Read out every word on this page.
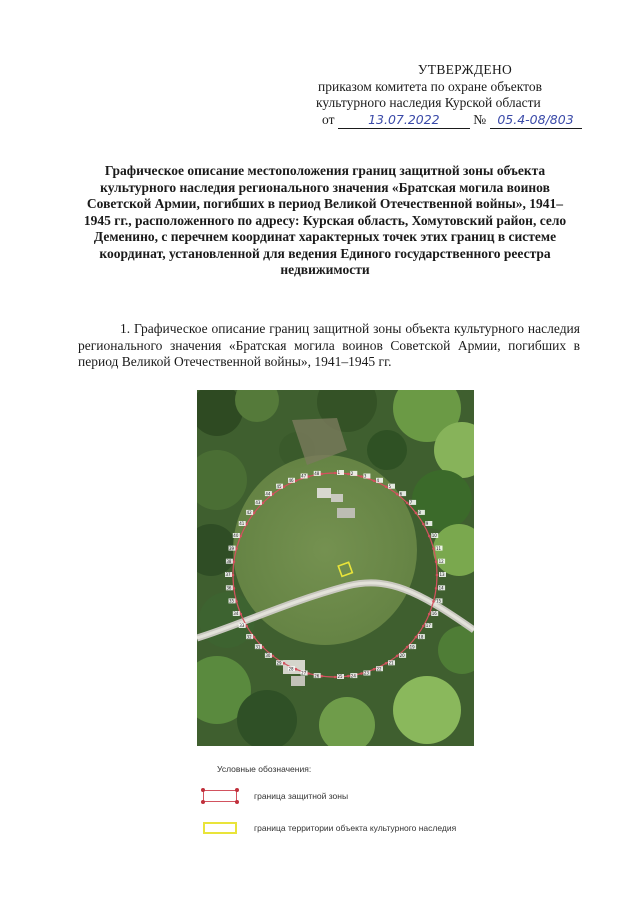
УТВЕРЖДЕНО
приказом комитета по охране объектов
культурного наследия Курской области
от	13.07.2022 № 05.4-08/803
Графическое описание местоположения границ защитной зоны объекта культурного наследия регионального значения «Братская могила воинов Советской Армии, погибших в период Великой Отечественной войны», 1941–1945 гг., расположенного по адресу: Курская область, Хомутовский район, село Деменино, с перечнем координат характерных точек этих границ в системе координат, установленной для ведения Единого государственного реестра недвижимости
1. Графическое описание границ защитной зоны объекта культурного наследия регионального значения «Братская могила воинов Советской Армии, погибших в период Великой Отечественной войны», 1941–1945 гг.
1	2
3
4
5
6
7
8
9
10
11
12
13
14
15
16
17
18
19
20
21
22
23
24
25
26
27
28
29
30
31
32
33
34
35
36
37
38
39
40
41
42
43
44
45
46
47
48
Условные обозначения:
граница защитной зоны
граница территории объекта культурного наследия
